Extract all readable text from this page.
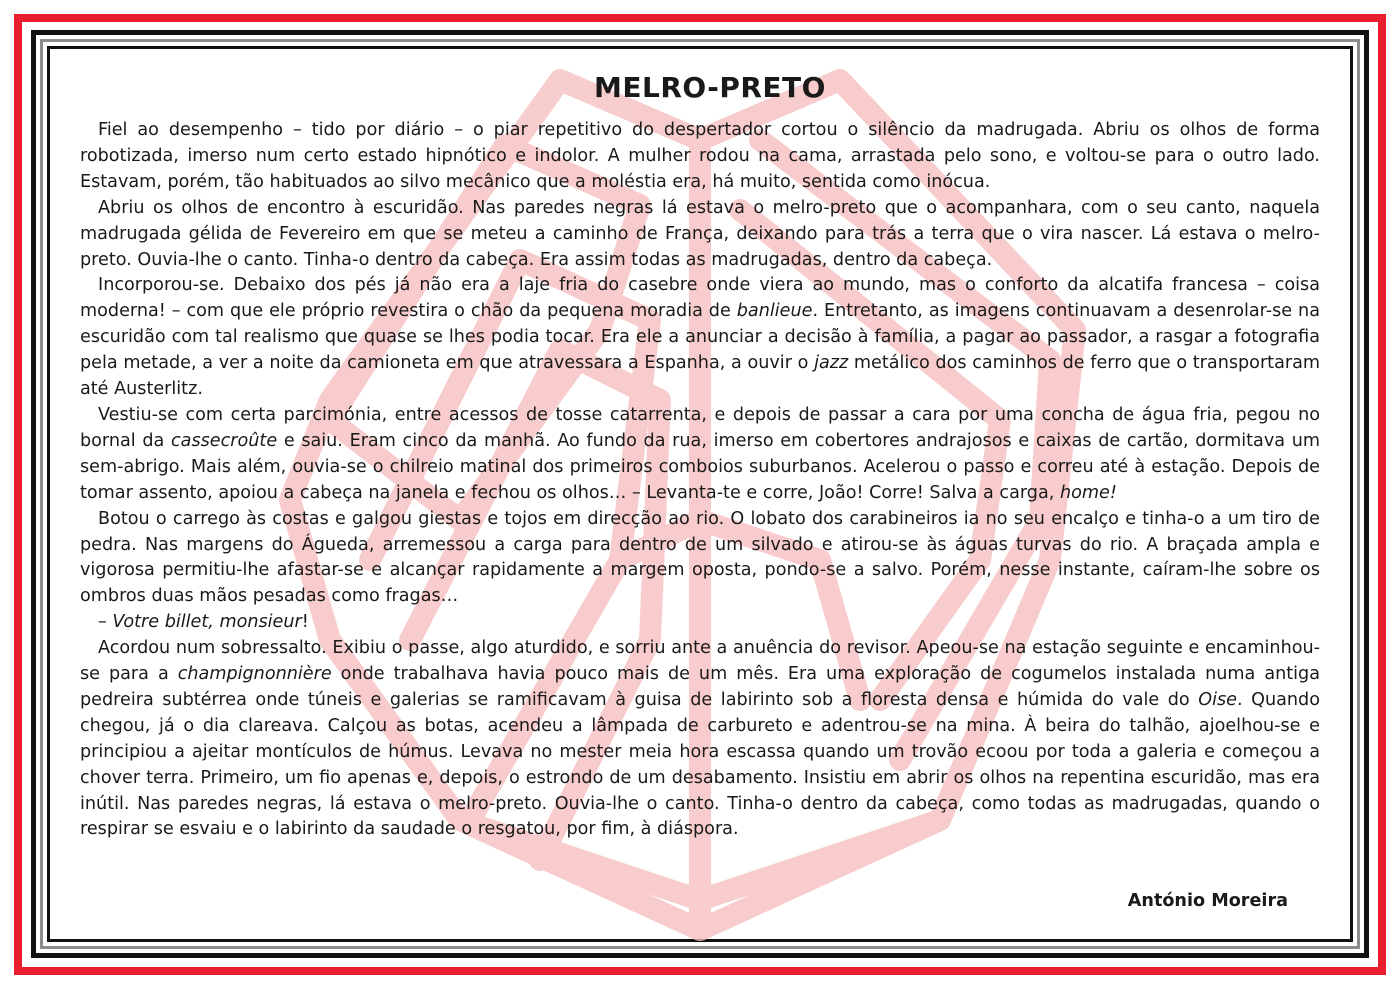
MELRO-PRETO

Fiel ao desempenho – tido por diário – o piar repetitivo do despertador cortou o silêncio da madrugada. Abriu os olhos de forma robotizada, imerso num certo estado hipnótico e indolor. A mulher rodou na cama, arrastada pelo sono, e voltou-se para o outro lado. Estavam, porém, tão habituados ao silvo mecânico que a moléstia era, há muito, sentida como inócua.

Abriu os olhos de encontro à escuridão. Nas paredes negras lá estava o melro-preto que o acompanhara, com o seu canto, naquela madrugada gélida de Fevereiro em que se meteu a caminho de França, deixando para trás a terra que o vira nascer. Lá estava o melro-preto. Ouvia-lhe o canto. Tinha-o dentro da cabeça. Era assim todas as madrugadas, dentro da cabeça.

Incorporou-se. Debaixo dos pés já não era a laje fria do casebre onde viera ao mundo, mas o conforto da alcatifa francesa – coisa moderna! – com que ele próprio revestira o chão da pequena moradia de banlieue. Entretanto, as imagens continuavam a desenrolar-se na escuridão com tal realismo que quase se lhes podia tocar. Era ele a anunciar a decisão à família, a pagar ao passador, a rasgar a fotografia pela metade, a ver a noite da camioneta em que atravessara a Espanha, a ouvir o jazz metálico dos caminhos de ferro que o transportaram até Austerlitz.

Vestiu-se com certa parcimónia, entre acessos de tosse catarrenta, e depois de passar a cara por uma concha de água fria, pegou no bornal da cassecroûte e saiu. Eram cinco da manhã. Ao fundo da rua, imerso em cobertores andrajosos e caixas de cartão, dormitava um sem-abrigo. Mais além, ouvia-se o chilreio matinal dos primeiros comboios suburbanos. Acelerou o passo e correu até à estação. Depois de tomar assento, apoiou a cabeça na janela e fechou os olhos… – Levanta-te e corre, João! Corre! Salva a carga, home!

Botou o carrego às costas e galgou giestas e tojos em direcção ao rio. O lobato dos carabineiros ia no seu encalço e tinha-o a um tiro de pedra. Nas margens do Águeda, arremessou a carga para dentro de um silvado e atirou-se às águas turvas do rio. A braçada ampla e vigorosa permitiu-lhe afastar-se e alcançar rapidamente a margem oposta, pondo-se a salvo. Porém, nesse instante, caíram-lhe sobre os ombros duas mãos pesadas como fragas…

– Votre billet, monsieur!

Acordou num sobressalto. Exibiu o passe, algo aturdido, e sorriu ante a anuência do revisor. Apeou-se na estação seguinte e encaminhou-se para a champignonnière onde trabalhava havia pouco mais de um mês. Era uma exploração de cogumelos instalada numa antiga pedreira subtérrea onde túneis e galerias se ramificavam à guisa de labirinto sob a floresta densa e húmida do vale do Oise. Quando chegou, já o dia clareava. Calçou as botas, acendeu a lâmpada de carbureto e adentrou-se na mina. À beira do talhão, ajoelhou-se e principiou a ajeitar montículos de húmus. Levava no mester meia hora escassa quando um trovão ecoou por toda a galeria e começou a chover terra. Primeiro, um fio apenas e, depois, o estrondo de um desabamento. Insistiu em abrir os olhos na repentina escuridão, mas era inútil. Nas paredes negras, lá estava o melro-preto. Ouvia-lhe o canto. Tinha-o dentro da cabeça, como todas as madrugadas, quando o respirar se esvaiu e o labirinto da saudade o resgatou, por fim, à diáspora.

António Moreira
